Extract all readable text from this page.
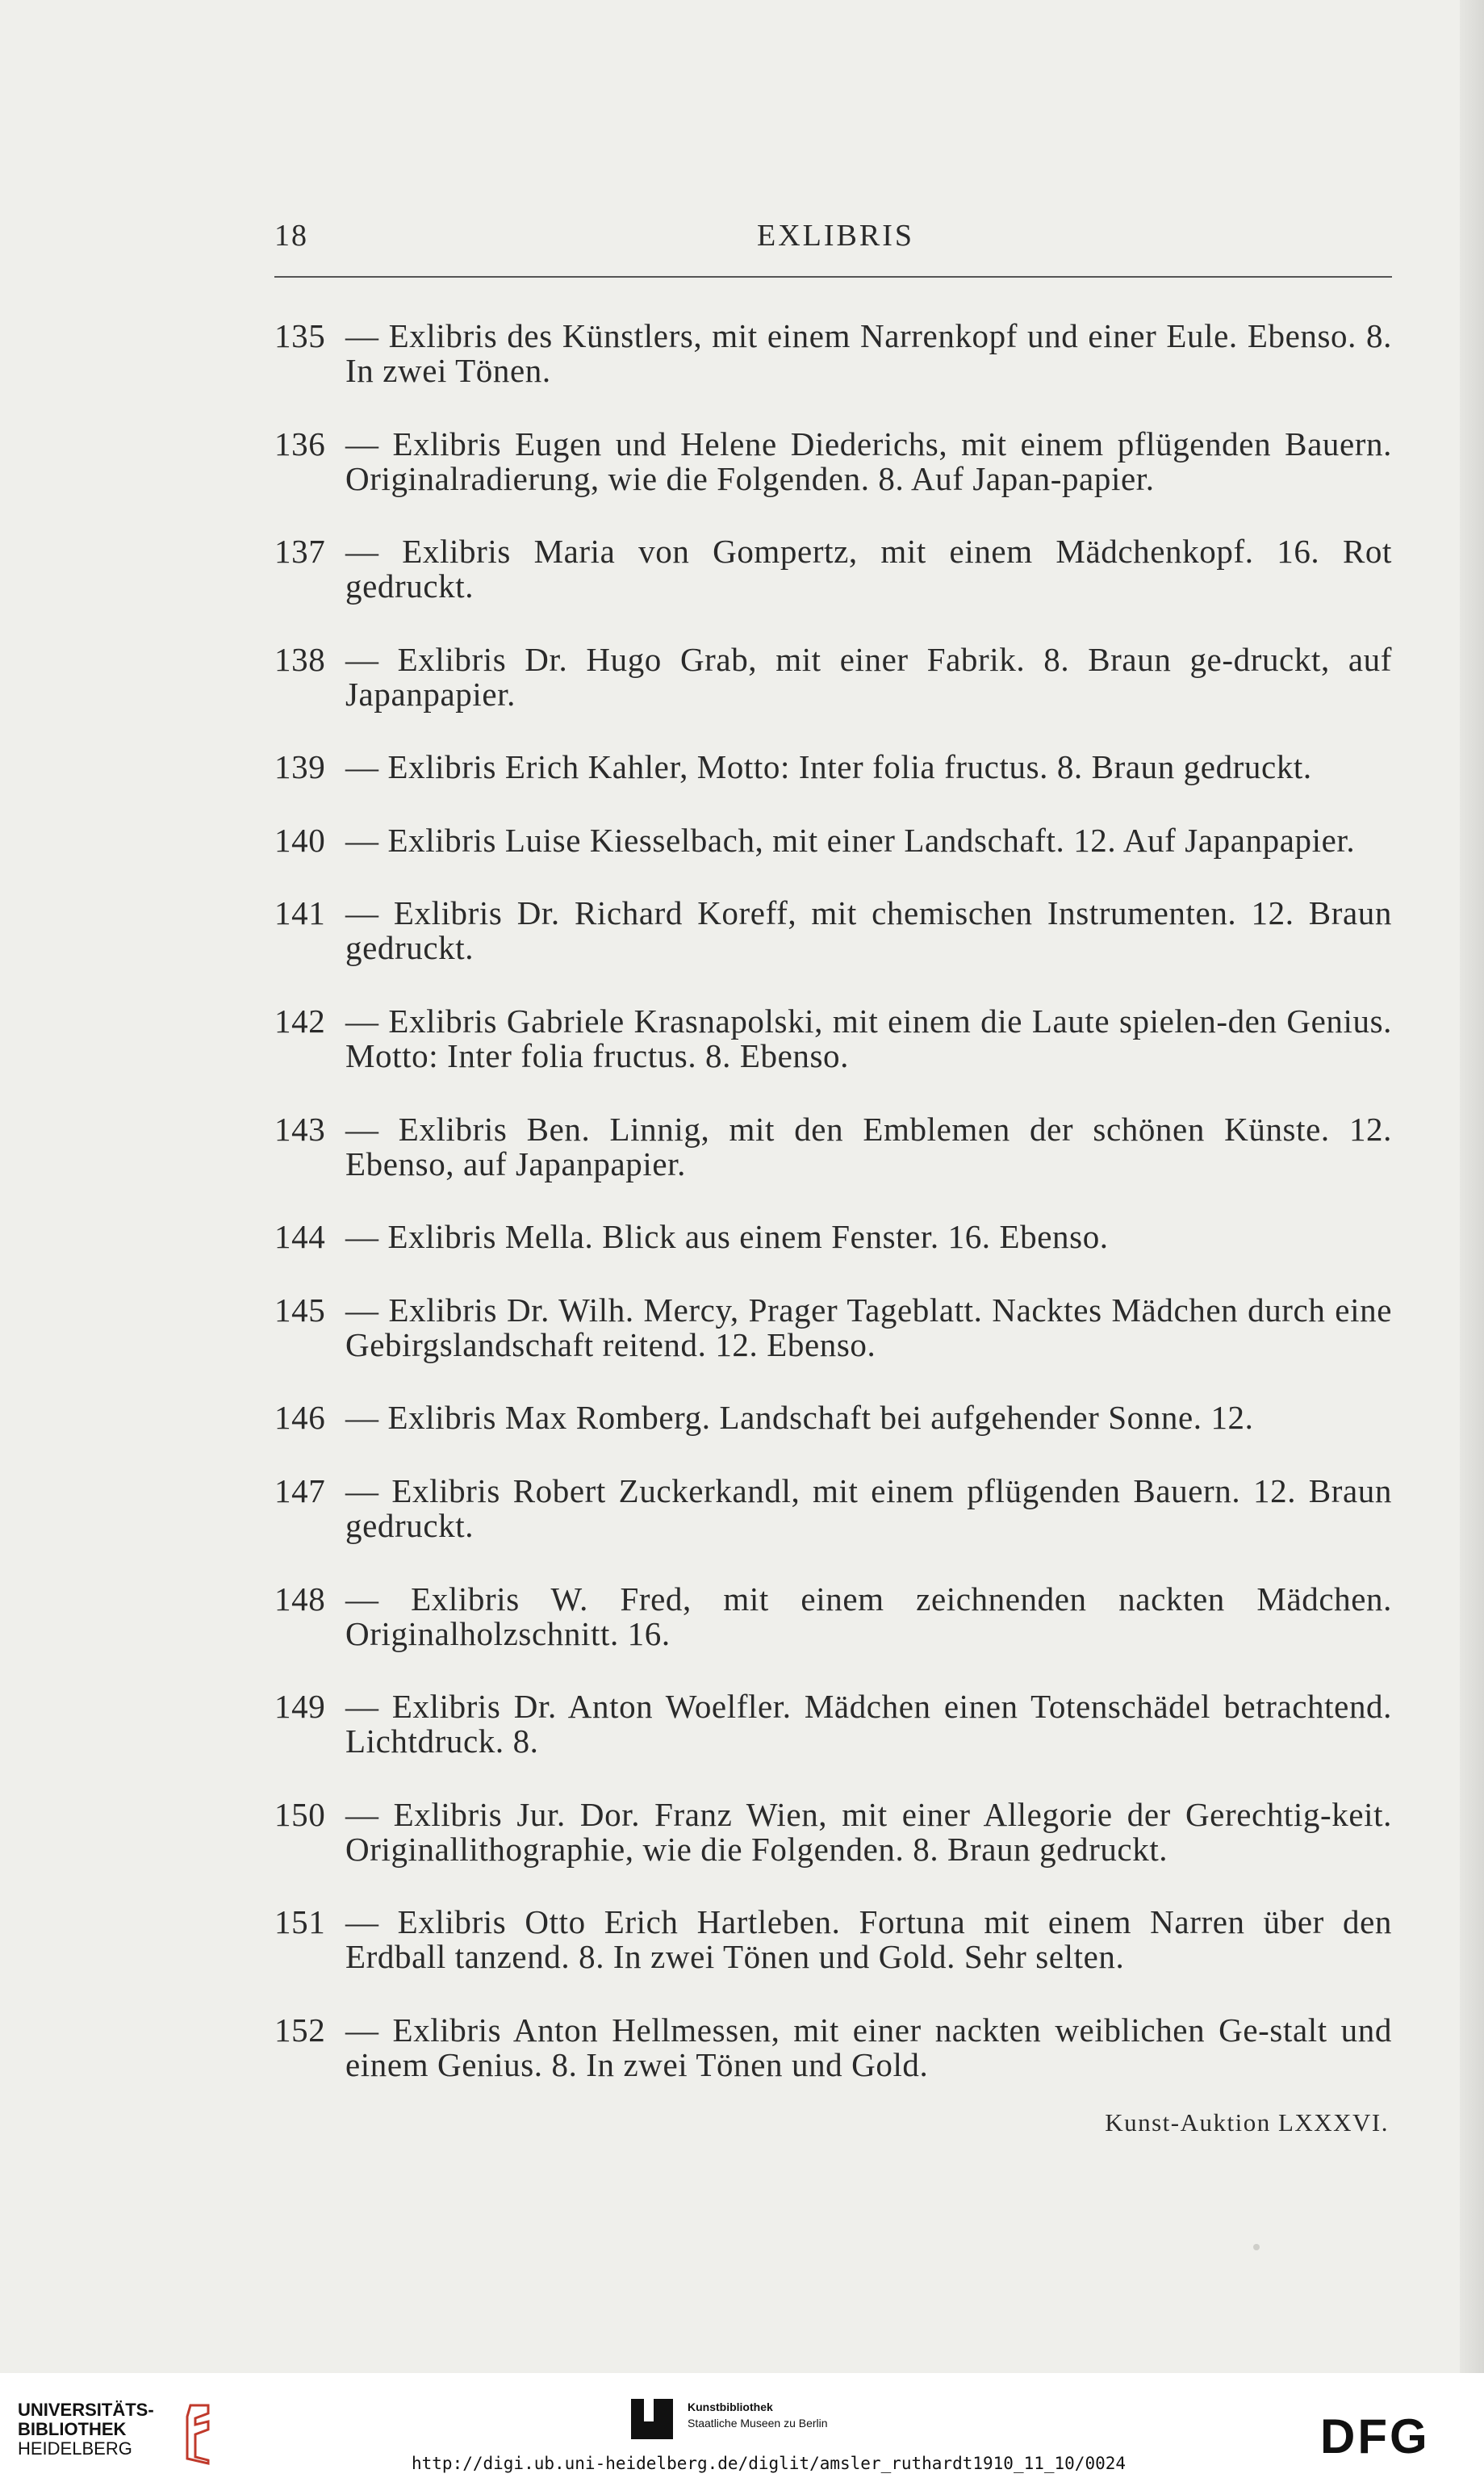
18	EXLIBRIS
135 — Exlibris des Künstlers, mit einem Narrenkopf und einer Eule. Ebenso. 8. In zwei Tönen.
136 — Exlibris Eugen und Helene Diederichs, mit einem pflügenden Bauern. Originalradierung, wie die Folgenden. 8. Auf Japan-papier.
137 — Exlibris Maria von Gompertz, mit einem Mädchenkopf. 16. Rot gedruckt.
138 — Exlibris Dr. Hugo Grab, mit einer Fabrik. 8. Braun ge-druckt, auf Japanpapier.
139 — Exlibris Erich Kahler, Motto: Inter folia fructus. 8. Braun gedruckt.
140 — Exlibris Luise Kiesselbach, mit einer Landschaft. 12. Auf Japanpapier.
141 — Exlibris Dr. Richard Koreff, mit chemischen Instrumenten. 12. Braun gedruckt.
142 — Exlibris Gabriele Krasnapolski, mit einem die Laute spielen-den Genius. Motto: Inter folia fructus. 8. Ebenso.
143 — Exlibris Ben. Linnig, mit den Emblemen der schönen Künste. 12. Ebenso, auf Japanpapier.
144 — Exlibris Mella. Blick aus einem Fenster. 16. Ebenso.
145 — Exlibris Dr. Wilh. Mercy, Prager Tageblatt. Nacktes Mädchen durch eine Gebirgslandschaft reitend. 12. Ebenso.
146 — Exlibris Max Romberg. Landschaft bei aufgehender Sonne. 12.
147 — Exlibris Robert Zuckerkandl, mit einem pflügenden Bauern. 12. Braun gedruckt.
148 — Exlibris W. Fred, mit einem zeichnenden nackten Mädchen. Originalholzschnitt. 16.
149 — Exlibris Dr. Anton Woelfler. Mädchen einen Totenschädel betrachtend. Lichtdruck. 8.
150 — Exlibris Jur. Dor. Franz Wien, mit einer Allegorie der Gerechtig-keit. Originallithographie, wie die Folgenden. 8. Braun gedruckt.
151 — Exlibris Otto Erich Hartleben. Fortuna mit einem Narren über den Erdball tanzend. 8. In zwei Tönen und Gold. Sehr selten.
152 — Exlibris Anton Hellmessen, mit einer nackten weiblichen Ge-stalt und einem Genius. 8. In zwei Tönen und Gold.
Kunst-Auktion LXXXVI.
UNIVERSITÄTS-
BIBLIOTHEK
HEIDELBERG
Kunstbibliothek
Staatliche Museen zu Berlin
http://digi.ub.uni-heidelberg.de/diglit/amsler_ruthardt1910_11_10/0024	DFG
